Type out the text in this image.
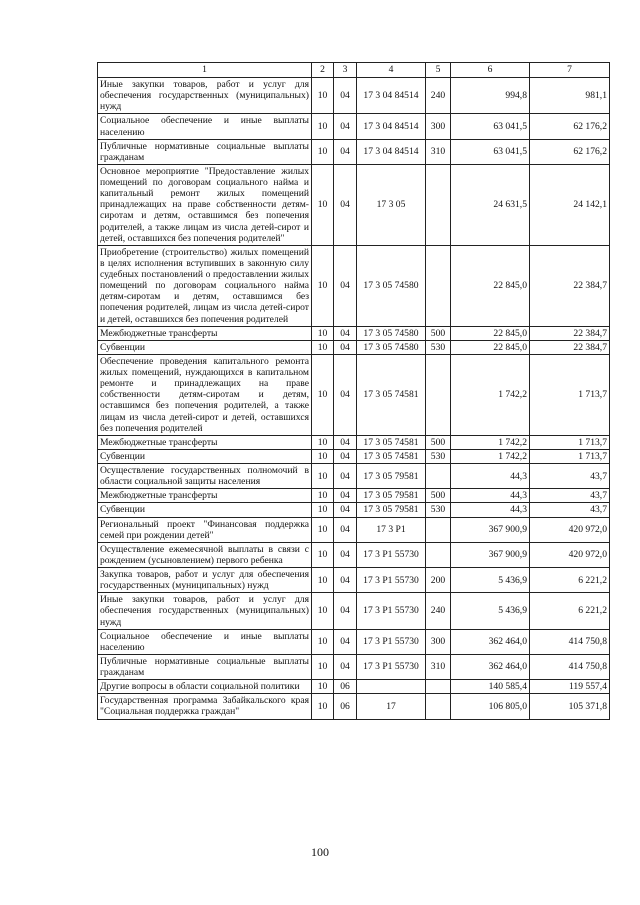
1	2	3	4	5	6	7
Иные закупки товаров, работ и услуг для обеспечения государственных (муниципальных) нужд	10	04	17 3 04 84514	240	994,8	981,1
Социальное обеспечение и иные выплаты населению	10	04	17 3 04 84514	300	63 041,5	62 176,2
Публичные нормативные социальные выплаты гражданам	10	04	17 3 04 84514	310	63 041,5	62 176,2
Основное мероприятие "Предоставление жилых помещений по договорам социального найма и капитальный ремонт жилых помещений принадлежащих на праве собственности детям-сиротам и детям, оставшимся без попечения родителей, а также лицам из числа детей-сирот и детей, оставшихся без попечения родителей"	10	04	17 3 05		24 631,5	24 142,1
Приобретение (строительство) жилых помещений в целях исполнения вступивших в законную силу судебных постановлений о предоставлении жилых помещений по договорам социального найма детям-сиротам и детям, оставшимся без попечения родителей, лицам из числа детей-сирот и детей, оставшихся без попечения родителей	10	04	17 3 05 74580		22 845,0	22 384,7
Межбюджетные трансферты	10	04	17 3 05 74580	500	22 845,0	22 384,7
Субвенции	10	04	17 3 05 74580	530	22 845,0	22 384,7
Обеспечение проведения капитального ремонта жилых помещений, нуждающихся в капитальном ремонте и принадлежащих на праве собственности детям-сиротам и детям, оставшимся без попечения родителей, а также лицам из числа детей-сирот и детей, оставшихся без попечения родителей	10	04	17 3 05 74581		1 742,2	1 713,7
Межбюджетные трансферты	10	04	17 3 05 74581	500	1 742,2	1 713,7
Субвенции	10	04	17 3 05 74581	530	1 742,2	1 713,7
Осуществление государственных полномочий в области социальной защиты населения	10	04	17 3 05 79581		44,3	43,7
Межбюджетные трансферты	10	04	17 3 05 79581	500	44,3	43,7
Субвенции	10	04	17 3 05 79581	530	44,3	43,7
Региональный проект "Финансовая поддержка семей при рождении детей"	10	04	17 3 P1		367 900,9	420 972,0
Осуществление ежемесячной выплаты в связи с рождением (усыновлением) первого ребенка	10	04	17 3 P1 55730		367 900,9	420 972,0
Закупка товаров, работ и услуг для обеспечения государственных (муниципальных) нужд	10	04	17 3 P1 55730	200	5 436,9	6 221,2
Иные закупки товаров, работ и услуг для обеспечения государственных (муниципальных) нужд	10	04	17 3 P1 55730	240	5 436,9	6 221,2
Социальное обеспечение и иные выплаты населению	10	04	17 3 P1 55730	300	362 464,0	414 750,8
Публичные нормативные социальные выплаты гражданам	10	04	17 3 P1 55730	310	362 464,0	414 750,8
Другие вопросы в области социальной политики	10	06			140 585,4	119 557,4
Государственная программа Забайкальского края "Социальная поддержка граждан"	10	06	17		106 805,0	105 371,8
100
